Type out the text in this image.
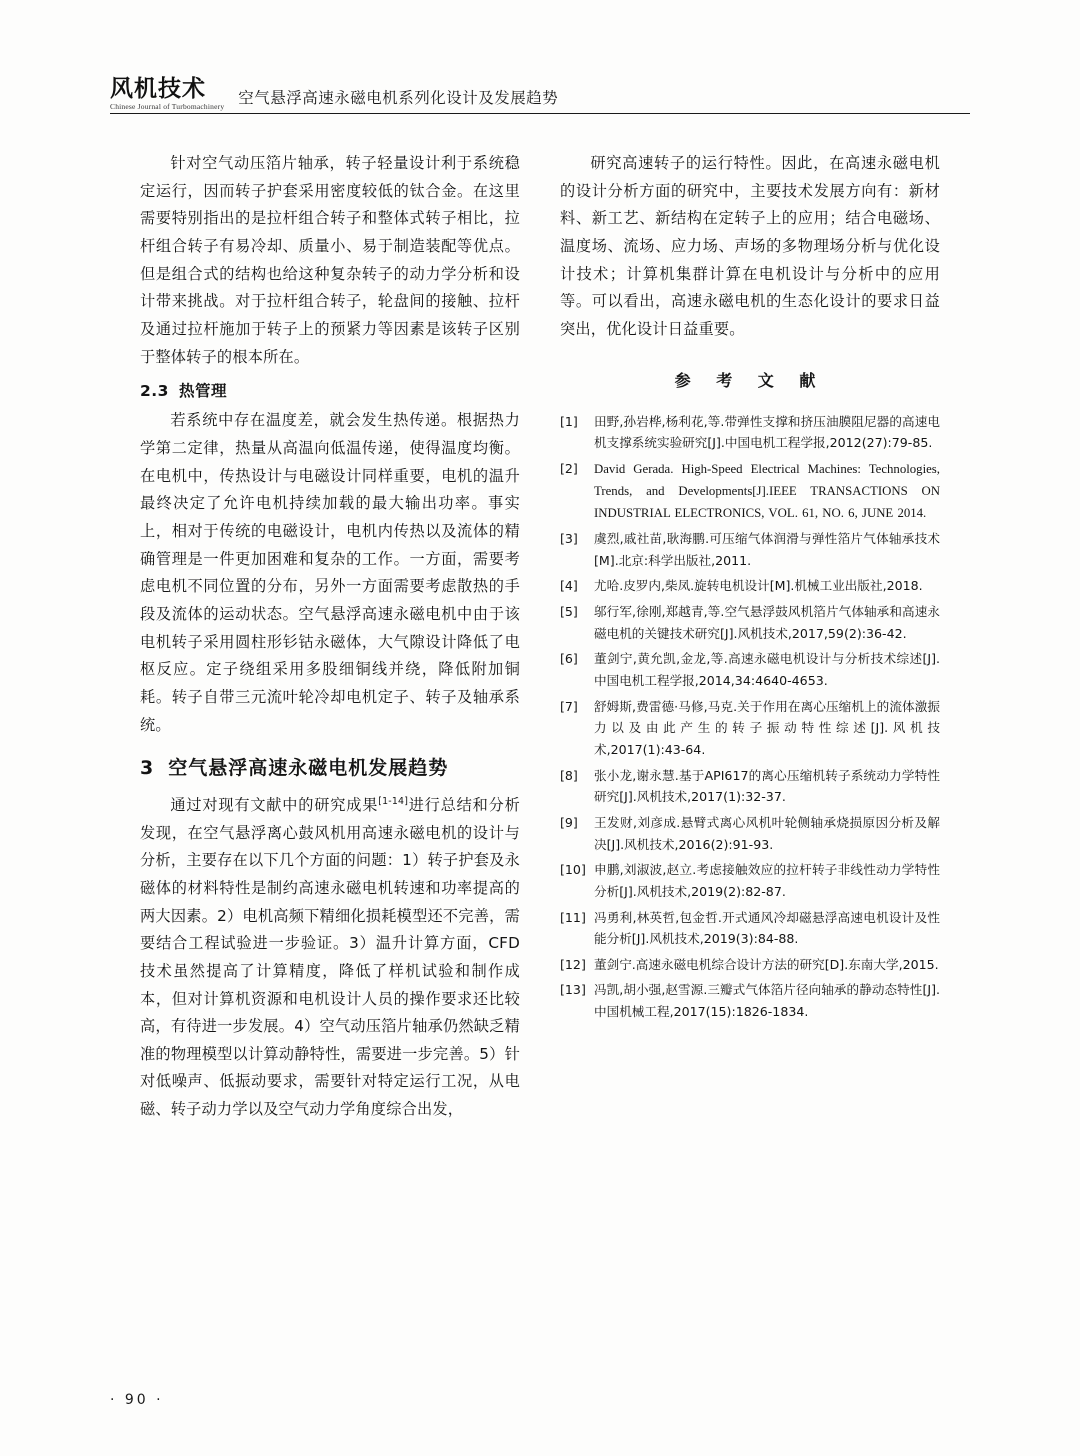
风机技术
Chinese Journal of Turbomachinery 空气悬浮高速永磁电机系列化设计及发展趋势

针对空气动压箔片轴承，转子轻量设计利于系统稳定运行，因而转子护套采用密度较低的钛合金。在这里需要特别指出的是拉杆组合转子和整体式转子相比，拉杆组合转子有易冷却、质量小、易于制造装配等优点。但是组合式的结构也给这种复杂转子的动力学分析和设计带来挑战。对于拉杆组合转子，轮盘间的接触、拉杆及通过拉杆施加于转子上的预紧力等因素是该转子区别于整体转子的根本所在。

2.3 热管理

若系统中存在温度差，就会发生热传递。根据热力学第二定律，热量从高温向低温传递，使得温度均衡。在电机中，传热设计与电磁设计同样重要，电机的温升最终决定了允许电机持续加载的最大输出功率。事实上，相对于传统的电磁设计，电机内传热以及流体的精确管理是一件更加困难和复杂的工作。一方面，需要考虑电机不同位置的分布，另外一方面需要考虑散热的手段及流体的运动状态。空气悬浮高速永磁电机中由于该电机转子采用圆柱形钐钴永磁体，大气隙设计降低了电枢反应。定子绕组采用多股细铜线并绕，降低附加铜耗。转子自带三元流叶轮冷却电机定子、转子及轴承系统。

3 空气悬浮高速永磁电机发展趋势

通过对现有文献中的研究成果[1-14]进行总结和分析发现，在空气悬浮离心鼓风机用高速永磁电机的设计与分析，主要存在以下几个方面的问题：1）转子护套及永磁体的材料特性是制约高速永磁电机转速和功率提高的两大因素。2）电机高频下精细化损耗模型还不完善，需要结合工程试验进一步验证。3）温升计算方面，CFD技术虽然提高了计算精度，降低了样机试验和制作成本，但对计算机资源和电机设计人员的操作要求还比较高，有待进一步发展。4）空气动压箔片轴承仍然缺乏精准的物理模型以计算动静特性，需要进一步完善。5）针对低噪声、低振动要求，需要针对特定运行工况，从电磁、转子动力学以及空气动力学角度综合出发，

研究高速转子的运行特性。因此，在高速永磁电机的设计分析方面的研究中，主要技术发展方向有：新材料、新工艺、新结构在定转子上的应用；结合电磁场、温度场、流场、应力场、声场的多物理场分析与优化设计技术；计算机集群计算在电机设计与分析中的应用等。可以看出，高速永磁电机的生态化设计的要求日益突出，优化设计日益重要。

参 考 文 献
[1]	田野,孙岩桦,杨利花,等.带弹性支撑和挤压油膜阻尼器的高速电机支撑系统实验研究[J].中国电机工程学报,2012(27):79-85.
[2]	David Gerada. High-Speed Electrical Machines: Technologies, Trends, and Developments[J].IEEE TRANSACTIONS ON INDUSTRIAL ELECTRONICS, VOL. 61, NO. 6, JUNE 2014.
[3]	虞烈,戚社苗,耿海鹏.可压缩气体润滑与弹性箔片气体轴承技术[M].北京:科学出版社,2011.
[4]	尤哈.皮罗内,柴凤.旋转电机设计[M].机械工业出版社,2018.
[5]	邬行军,徐刚,郑越青,等.空气悬浮鼓风机箔片气体轴承和高速永磁电机的关键技术研究[J].风机技术,2017,59(2):36-42.
[6]	董剑宁,黄允凯,金龙,等.高速永磁电机设计与分析技术综述[J].中国电机工程学报,2014,34:4640-4653.
[7]	舒姆斯,费雷德·马修,马克.关于作用在离心压缩机上的流体激振力以及由此产生的转子振动特性综述[J].风机技术,2017(1):43-64.
[8]	张小龙,谢永慧.基于API617的离心压缩机转子系统动力学特性研究[J].风机技术,2017(1):32-37.
[9]	王发财,刘彦成.悬臂式离心风机叶轮侧轴承烧损原因分析及解决[J].风机技术,2016(2):91-93.
[10] 申鹏,刘淑波,赵立.考虑接触效应的拉杆转子非线性动力学特性分析[J].风机技术,2019(2):82-87.
[11] 冯勇利,林英哲,包金哲.开式通风冷却磁悬浮高速电机设计及性能分析[J].风机技术,2019(3):84-88.
[12] 董剑宁.高速永磁电机综合设计方法的研究[D].东南大学,2015.
[13] 冯凯,胡小强,赵雪源.三瓣式气体箔片径向轴承的静动态特性[J].中国机械工程,2017(15):1826-1834.
· 90 ·
